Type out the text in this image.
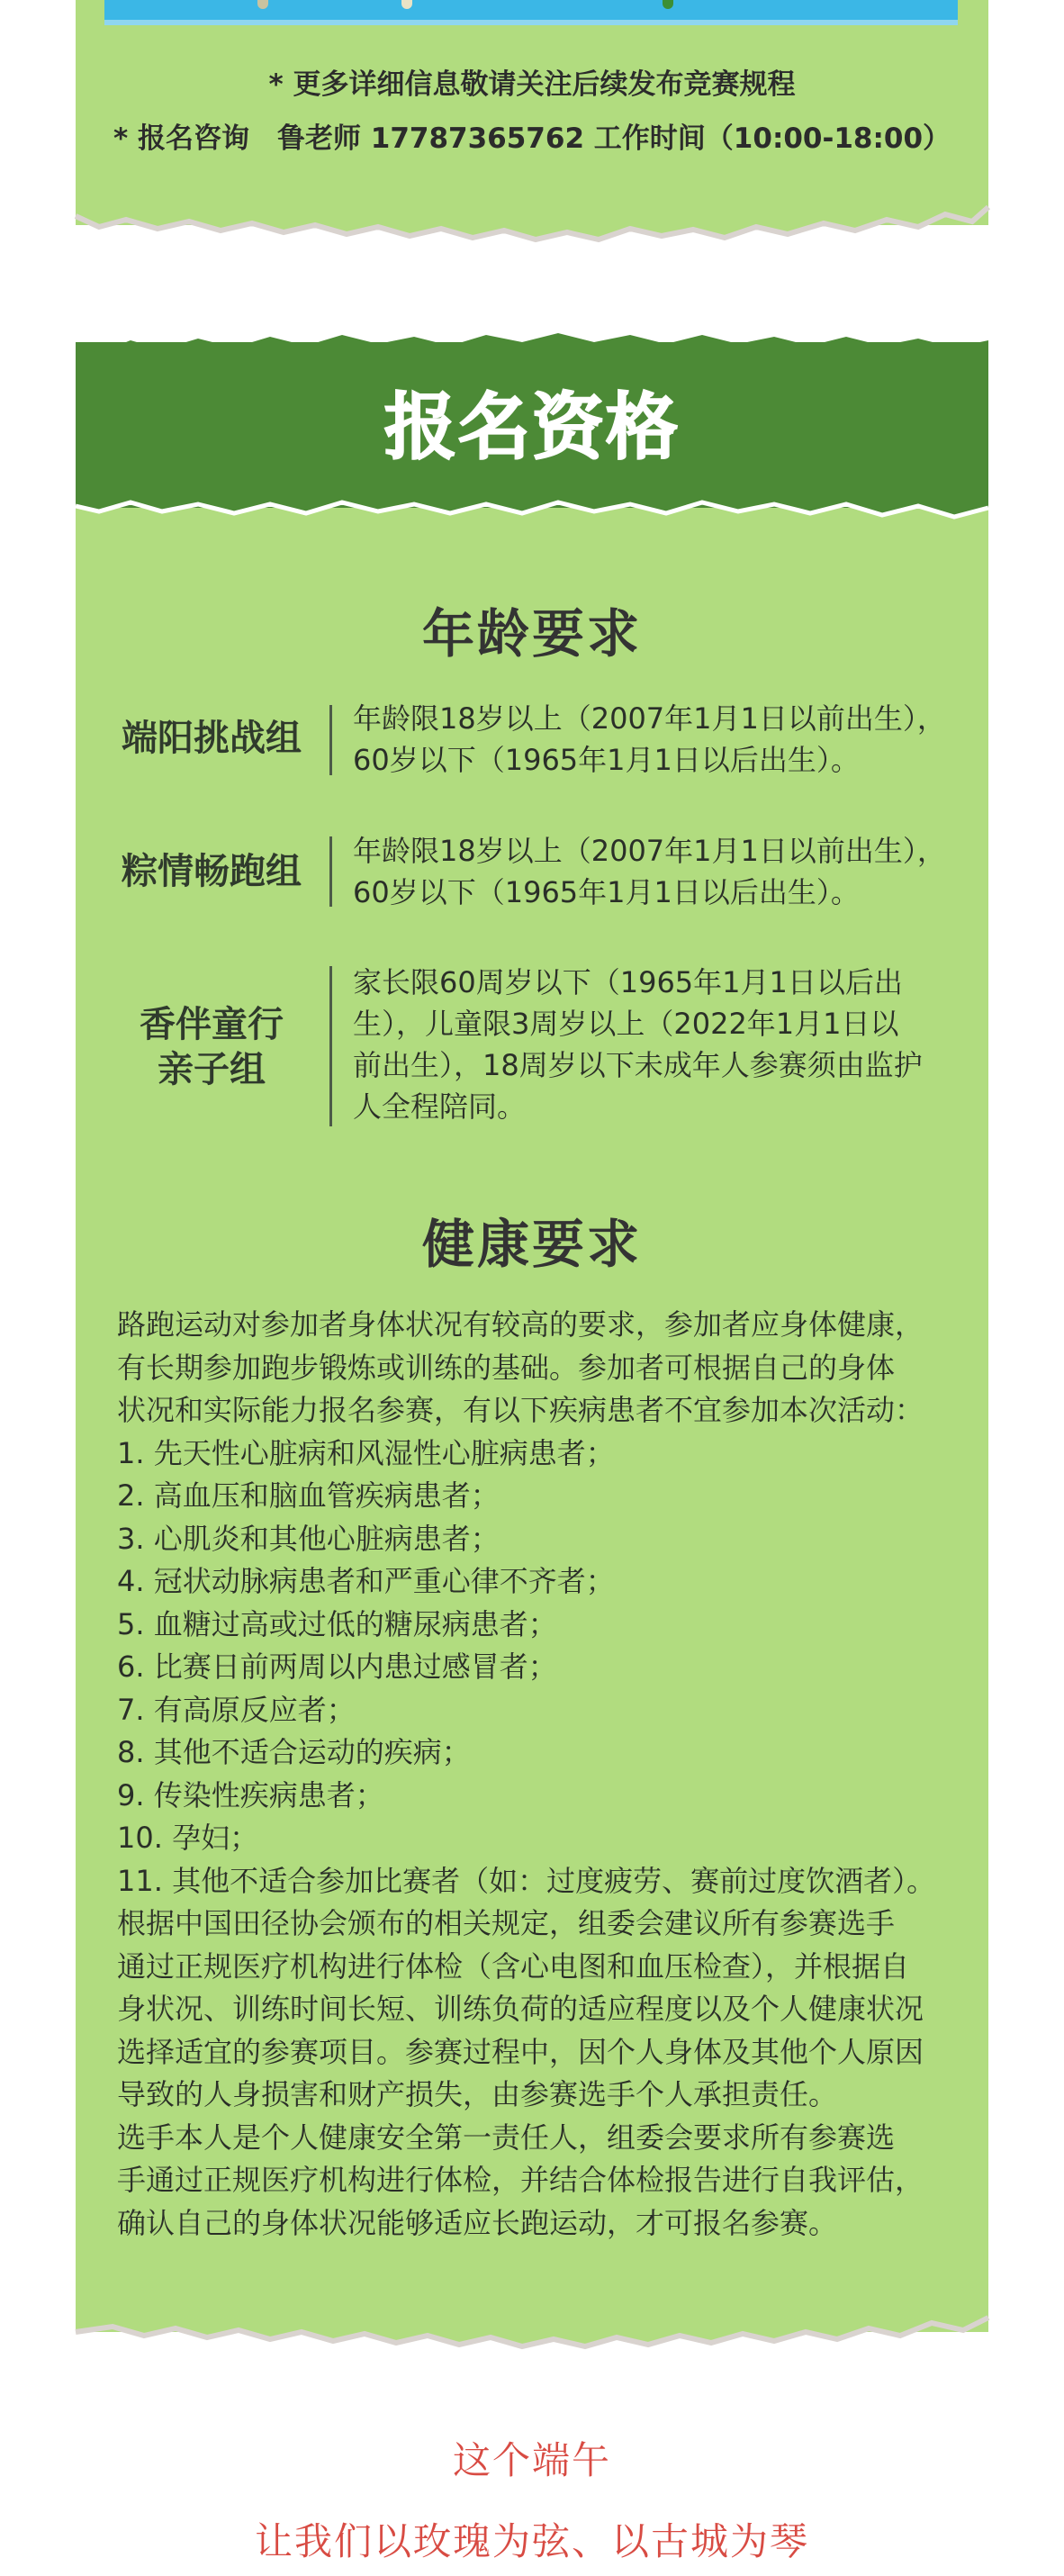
* 更多详细信息敬请关注后续发布竞赛规程
* 报名咨询　鲁老师 17787365762 工作时间（10:00-18:00）
报名资格
年龄要求
端阳挑战组	年龄限18岁以上（2007年1月1日以前出生），
60岁以下（1965年1月1日以后出生）。
粽情畅跑组	年龄限18岁以上（2007年1月1日以前出生），
60岁以下（1965年1月1日以后出生）。
香伴童行
亲子组
家长限60周岁以下（1965年1月1日以后出
生），儿童限3周岁以上（2022年1月1日以
前出生），18周岁以下未成年人参赛须由监护
人全程陪同。
健康要求

路跑运动对参加者身体状况有较高的要求，参加者应身体健康，

有长期参加跑步锻炼或训练的基础。参加者可根据自己的身体

状况和实际能力报名参赛，有以下疾病患者不宜参加本次活动：

1. 先天性心脏病和风湿性心脏病患者；

2. 高血压和脑血管疾病患者；

3. 心肌炎和其他心脏病患者；

4. 冠状动脉病患者和严重心律不齐者；

5. 血糖过高或过低的糖尿病患者；

6. 比赛日前两周以内患过感冒者；

7. 有高原反应者；

8. 其他不适合运动的疾病；

9. 传染性疾病患者；

10. 孕妇；

11. 其他不适合参加比赛者（如：过度疲劳、赛前过度饮酒者）。

根据中国田径协会颁布的相关规定，组委会建议所有参赛选手

通过正规医疗机构进行体检（含心电图和血压检查），并根据自

身状况、训练时间长短、训练负荷的适应程度以及个人健康状况

选择适宜的参赛项目。参赛过程中，因个人身体及其他个人原因

导致的人身损害和财产损失，由参赛选手个人承担责任。

选手本人是个人健康安全第一责任人，组委会要求所有参赛选

手通过正规医疗机构进行体检，并结合体检报告进行自我评估，

确认自己的身体状况能够适应长跑运动，才可报名参赛。

这个端午
让我们以玫瑰为弦、以古城为琴
